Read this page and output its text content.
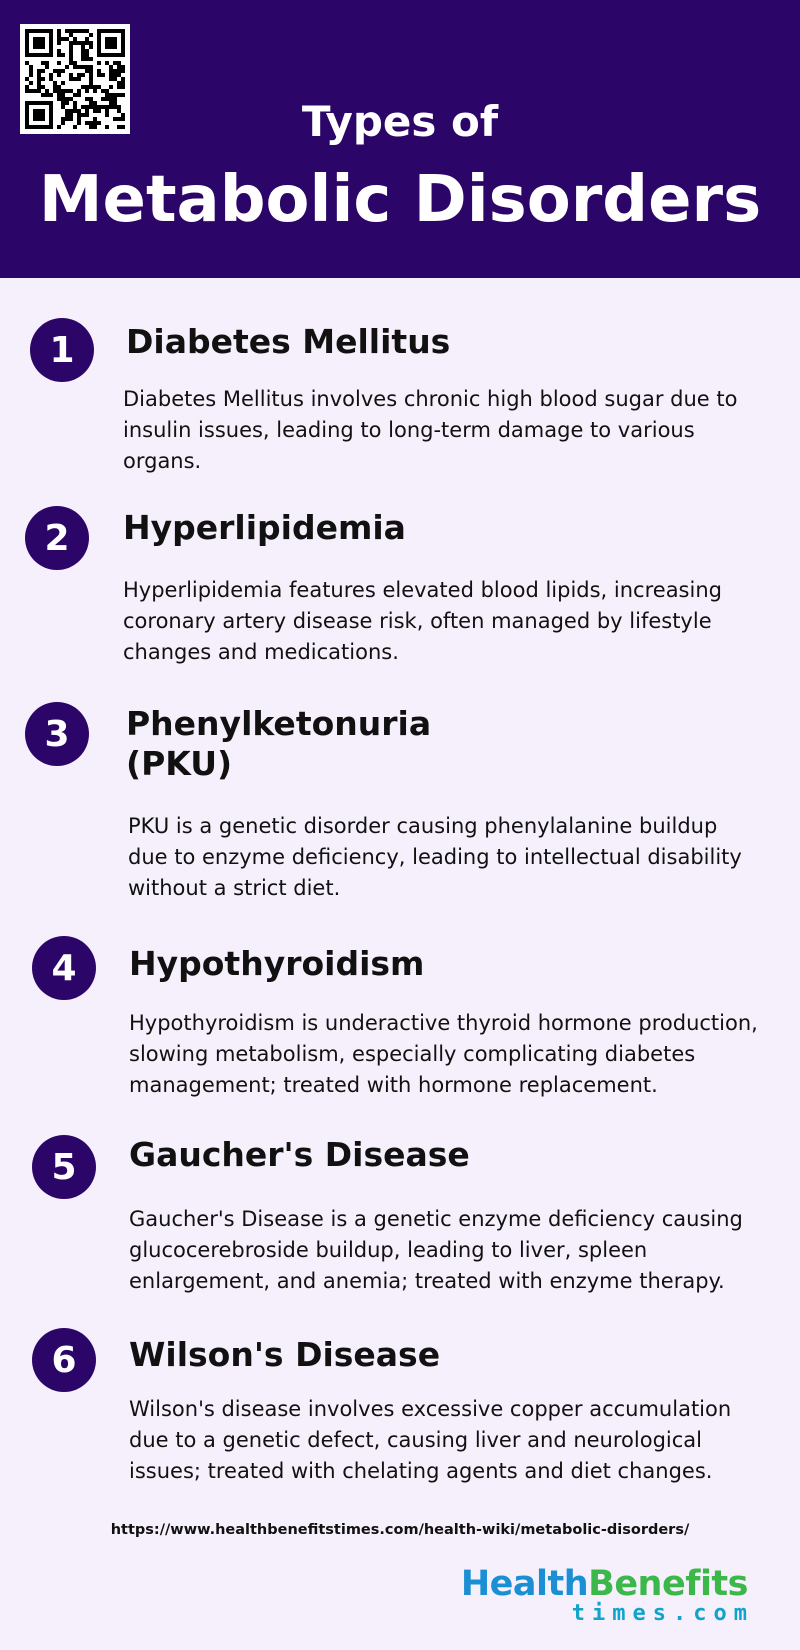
Types of
Metabolic Disorders
1	Diabetes Mellitus
Diabetes Mellitus involves chronic high blood sugar due to insulin issues, leading to long-term damage to various organs.
2	Hyperlipidemia
Hyperlipidemia features elevated blood lipids, increasing coronary artery disease risk, often managed by lifestyle changes and medications.
3	Phenylketonuria
(PKU)
PKU is a genetic disorder causing phenylalanine buildup due to enzyme deficiency, leading to intellectual disability without a strict diet.
4	Hypothyroidism
Hypothyroidism is underactive thyroid hormone production, slowing metabolism, especially complicating diabetes management; treated with hormone replacement.
5	Gaucher's Disease
Gaucher's Disease is a genetic enzyme deficiency causing glucocerebroside buildup, leading to liver, spleen enlargement, and anemia; treated with enzyme therapy.
6	Wilson's Disease
Wilson's disease involves excessive copper accumulation due to a genetic defect, causing liver and neurological issues; treated with chelating agents and diet changes.
https://www.healthbenefitstimes.com/health-wiki/metabolic-disorders/
HealthBenefits
times.com
